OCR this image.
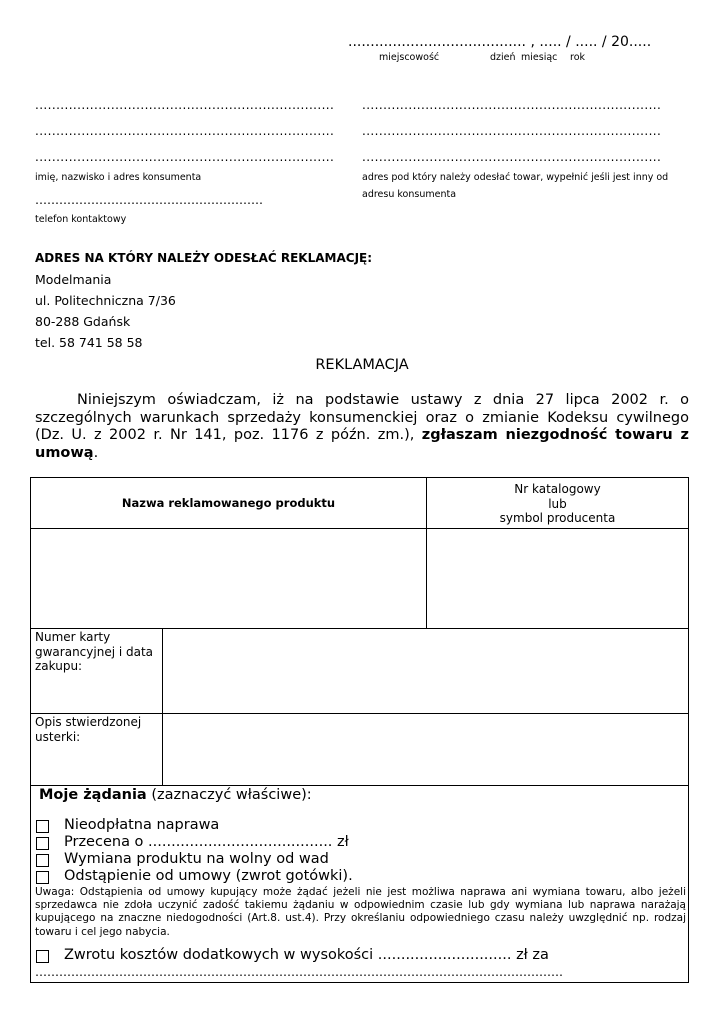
........................................ , ..... / ..... / 20.....
miejscowość	dzień miesiąc rok
.......................................................................
.......................................................................
.......................................................................
imię, nazwisko i adres konsumenta
…………………………………………………
telefon kontaktowy
.......................................................................
.......................................................................
.......................................................................
adres pod który należy odesłać towar, wypełnić jeśli jest inny od
adresu konsumenta
ADRES NA KTÓRY NALEŻY ODESŁAĆ REKLAMACJĘ:
Modelmania
ul. Politechniczna 7/36
80-288 Gdańsk
tel. 58 741 58 58
REKLAMACJA

Niniejszym oświadczam, iż na podstawie ustawy z dnia 27 lipca 2002 r. o szczególnych warunkach sprzedaży konsumenckiej oraz o zmianie Kodeksu cywilnego (Dz. U. z 2002 r. Nr 141, poz. 1176 z późn. zm.), zgłaszam niezgodność towaru z umową.

Nazwa reklamowanego produktu
Nr katalogowy
lub
symbol producenta
Numer karty
gwarancyjnej i data
zakupu:
Opis stwierdzonej
usterki:
Moje żądania (zaznaczyć właściwe):
Nieodpłatna naprawa
Przecena o ........................................ zł
Wymiana produktu na wolny od wad
Odstąpienie od umowy (zwrot gotówki).
Uwaga: Odstąpienia od umowy kupujący może żądać jeżeli nie jest możliwa naprawa ani wymiana towaru, albo jeżeli sprzedawca nie zdoła uczynić zadość takiemu żądaniu w odpowiednim czasie lub gdy wymiana lub naprawa narażają kupującego na znaczne niedogodności (Art.8. ust.4). Przy określaniu odpowiedniego czasu należy uwzględnić np. rodzaj towaru i cel jego nabycia.
Zwrotu kosztów dodatkowych w wysokości ............................. zł za
……………………………………………………………………………………………………………………
